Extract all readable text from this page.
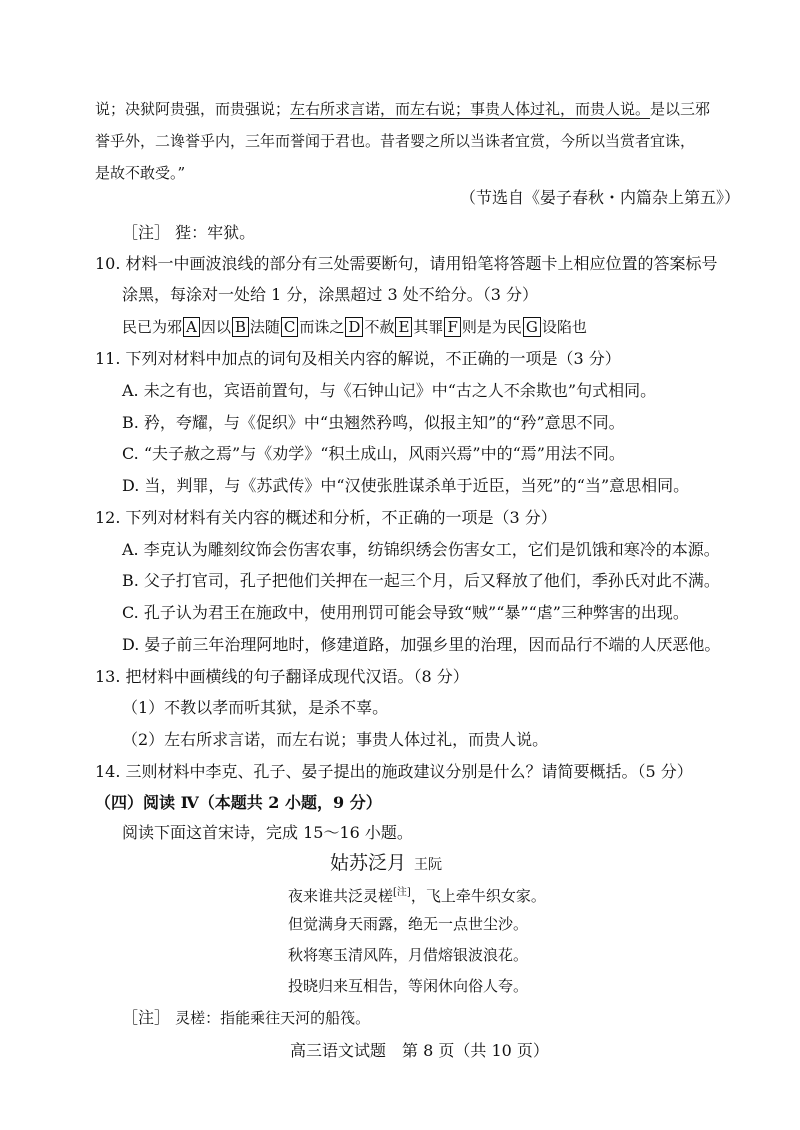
说；决狱阿贵强，而贵强说；左右所求言诺，而左右说；事贵人体过礼，而贵人说。是以三邪
誉乎外，二谗誉乎内，三年而誉闻于君也。昔者婴之所以当诛者宜赏，今所以当赏者宜诛，
是故不敢受。”
（节选自《晏子春秋・内篇杂上第五》）
［注］ 狴：牢狱。
10. 材料一中画波浪线的部分有三处需要断句，请用铅笔将答题卡上相应位置的答案标号
涂黑，每涂对一处给 1 分，涂黑超过 3 处不给分。（3 分）
民已为邪 A 因以 B 法随 C 而诛之 D 不赦 E 其罪 F 则是为民 G 设陷也
11. 下列对材料中加点的词句及相关内容的解说，不正确的一项是（3 分）
A. 未之有也，宾语前置句，与《石钟山记》中“古之人不余欺也”句式相同。
B. 矜，夸耀，与《促织》中“虫翘然矜鸣，似报主知”的“矜”意思不同。
C. “夫子赦之焉”与《劝学》“积土成山，风雨兴焉”中的“焉”用法不同。
D. 当，判罪，与《苏武传》中“汉使张胜谋杀单于近臣，当死”的“当”意思相同。
12. 下列对材料有关内容的概述和分析，不正确的一项是（3 分）
A. 李克认为雕刻纹饰会伤害农事，纺锦织绣会伤害女工，它们是饥饿和寒冷的本源。
B. 父子打官司，孔子把他们关押在一起三个月，后又释放了他们，季孙氏对此不满。
C. 孔子认为君王在施政中，使用刑罚可能会导致“贼”“暴”“虐”三种弊害的出现。
D. 晏子前三年治理阿地时，修建道路，加强乡里的治理，因而品行不端的人厌恶他。
13. 把材料中画横线的句子翻译成现代汉语。（8 分）
（1）不教以孝而听其狱，是杀不辜。
（2）左右所求言诺，而左右说；事贵人体过礼，而贵人说。
14. 三则材料中李克、孔子、晏子提出的施政建议分别是什么？请简要概括。（5 分）
（四）阅读 Ⅳ（本题共 2 小题，9 分）
阅读下面这首宋诗，完成 15～16 小题。
姑苏泛月 王阮
夜来谁共泛灵槎[注]，飞上牵牛织女家。
但觉满身天雨露，绝无一点世尘沙。
秋将寒玉清风阵，月借熔银波浪花。
投晓归来互相告，等闲休向俗人夸。
［注］ 灵槎：指能乘往天河的船筏。
高三语文试题　第 8 页（共 10 页）
